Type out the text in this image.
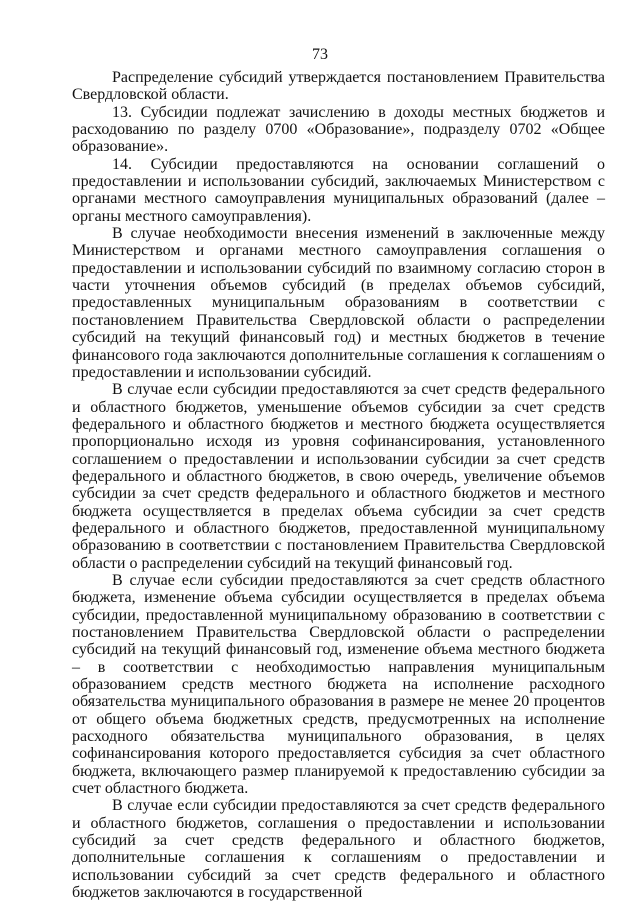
73

Распределение субсидий утверждается постановлением Правительства Свердловской области.

13. Субсидии подлежат зачислению в доходы местных бюджетов и расходованию по разделу 0700 «Образование», подразделу 0702 «Общее образование».

14. Субсидии предоставляются на основании соглашений о предоставлении и использовании субсидий, заключаемых Министерством с органами местного самоуправления муниципальных образований (далее – органы местного самоуправления).

В случае необходимости внесения изменений в заключенные между Министерством и органами местного самоуправления соглашения о предоставлении и использовании субсидий по взаимному согласию сторон в части уточнения объемов субсидий (в пределах объемов субсидий, предоставленных муниципальным образованиям в соответствии с постановлением Правительства Свердловской области о распределении субсидий на текущий финансовый год) и местных бюджетов в течение финансового года заключаются дополнительные соглашения к соглашениям о предоставлении и использовании субсидий.

В случае если субсидии предоставляются за счет средств федерального и областного бюджетов, уменьшение объемов субсидии за счет средств федерального и областного бюджетов и местного бюджета осуществляется пропорционально исходя из уровня софинансирования, установленного соглашением о предоставлении и использовании субсидии за счет средств федерального и областного бюджетов, в свою очередь, увеличение объемов субсидии за счет средств федерального и областного бюджетов и местного бюджета осуществляется в пределах объема субсидии за счет средств федерального и областного бюджетов, предоставленной муниципальному образованию в соответствии с постановлением Правительства Свердловской области о распределении субсидий на текущий финансовый год.

В случае если субсидии предоставляются за счет средств областного бюджета, изменение объема субсидии осуществляется в пределах объема субсидии, предоставленной муниципальному образованию в соответствии с постановлением Правительства Свердловской области о распределении субсидий на текущий финансовый год, изменение объема местного бюджета – в соответствии с необходимостью направления муниципальным образованием средств местного бюджета на исполнение расходного обязательства муниципального образования в размере не менее 20 процентов от общего объема бюджетных средств, предусмотренных на исполнение расходного обязательства муниципального образования, в целях софинансирования которого предоставляется субсидия за счет областного бюджета, включающего размер планируемой к предоставлению субсидии за счет областного бюджета.

В случае если субсидии предоставляются за счет средств федерального и областного бюджетов, соглашения о предоставлении и использовании субсидий за счет средств федерального и областного бюджетов, дополнительные соглашения к соглашениям о предоставлении и использовании субсидий за счет средств федерального и областного бюджетов заключаются в государственной
